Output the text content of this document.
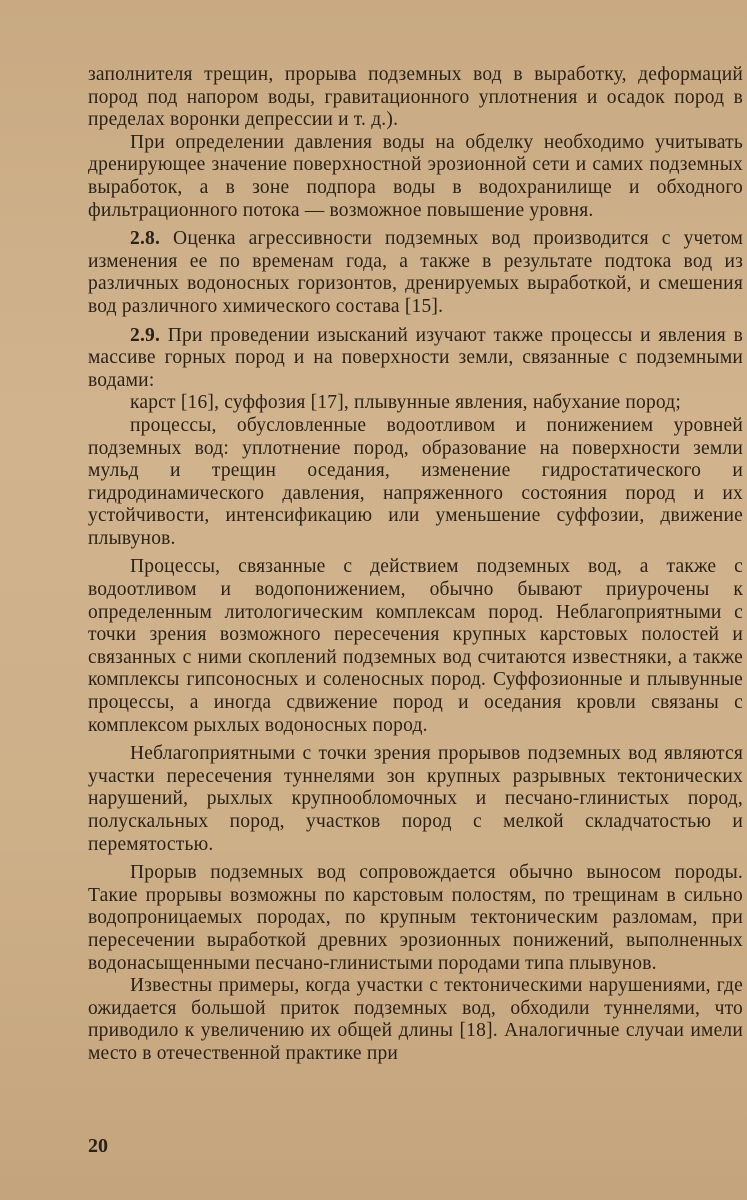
заполнителя трещин, прорыва подземных вод в выработку, деформаций пород под напором воды, гравитационного уплотнения и осадок пород в пределах воронки депрессии и т. д.).

При определении давления воды на обделку необходимо учитывать дренирующее значение поверхностной эрозионной сети и самих подземных выработок, а в зоне подпора воды в водохранилище и обходного фильтрационного потока — возможное повышение уровня.

2.8. Оценка агрессивности подземных вод производится с учетом изменения ее по временам года, а также в результате подтока вод из различных водоносных горизонтов, дренируемых выработкой, и смешения вод различного химического состава [15].

2.9. При проведении изысканий изучают также процессы и явления в массиве горных пород и на поверхности земли, связанные с подземными водами:

карст [16], суффозия [17], плывунные явления, набухание пород;

процессы, обусловленные водоотливом и понижением уровней подземных вод: уплотнение пород, образование на поверхности земли мульд и трещин оседания, изменение гидростатического и гидродинамического давления, напряженного состояния пород и их устойчивости, интенсификацию или уменьшение суффозии, движение плывунов.

Процессы, связанные с действием подземных вод, а также с водоотливом и водопонижением, обычно бывают приурочены к определенным литологическим комплексам пород. Неблагоприятными с точки зрения возможного пересечения крупных карстовых полостей и связанных с ними скоплений подземных вод считаются известняки, а также комплексы гипсоносных и соленосных пород. Суффозионные и плывунные процессы, а иногда сдвижение пород и оседания кровли связаны с комплексом рыхлых водоносных пород.

Неблагоприятными с точки зрения прорывов подземных вод являются участки пересечения туннелями зон крупных разрывных тектонических нарушений, рыхлых крупнообломочных и песчано-глинистых пород, полускальных пород, участков пород с мелкой складчатостью и перемятостью.

Прорыв подземных вод сопровождается обычно выносом породы. Такие прорывы возможны по карстовым полостям, по трещинам в сильно водопроницаемых породах, по крупным тектоническим разломам, при пересечении выработкой древних эрозионных понижений, выполненных водонасыщенными песчано-глинистыми породами типа плывунов.

Известны примеры, когда участки с тектоническими нарушениями, где ожидается большой приток подземных вод, обходили туннелями, что приводило к увеличению их общей длины [18]. Аналогичные случаи имели место в отечественной практике при

20
